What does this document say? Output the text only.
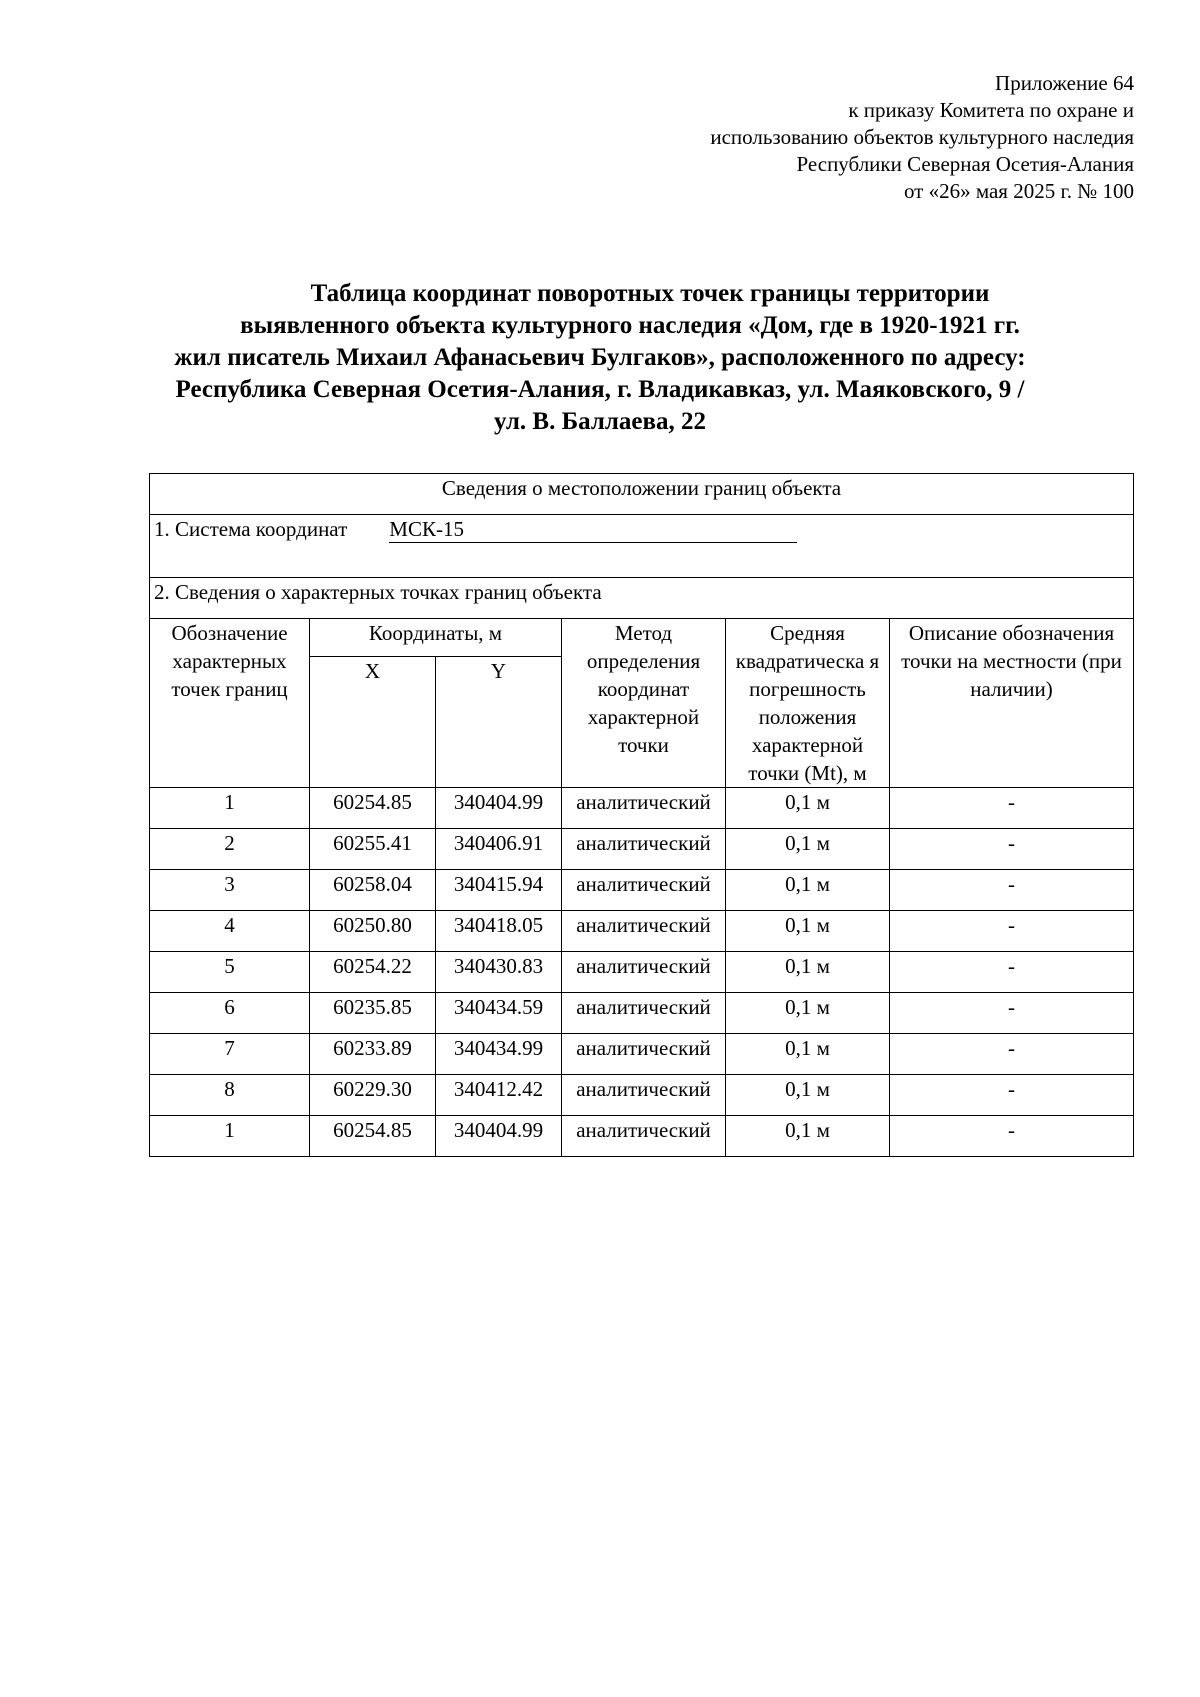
Приложение 64
к приказу Комитета по охране и
использованию объектов культурного наследия
Республики Северная Осетия-Алания
от «26» мая 2025 г. № 100
Таблица координат поворотных точек границы территории
выявленного объекта культурного наследия «Дом, где в 1920-1921 гг.
жил писатель Михаил Афанасьевич Булгаков», расположенного по адресу:
Республика Северная Осетия-Алания, г. Владикавказ, ул. Маяковского, 9 /
ул. В. Баллаева, 22
Сведения о местоположении границ объекта					
1. Система координат МСК-15					
2. Сведения о характерных точках границ объекта					
Обозначение характерных точек границ	Координаты, м		Метод определения координат характерной точки	Средняя квадратическа я погрешность положения характерной точки (Mt), м	Описание обозначения точки на местности (при наличии)
	X	Y			
1	60254.85	340404.99	аналитический	0,1 м	-
2	60255.41	340406.91	аналитический	0,1 м	-
3	60258.04	340415.94	аналитический	0,1 м	-
4	60250.80	340418.05	аналитический	0,1 м	-
5	60254.22	340430.83	аналитический	0,1 м	-
6	60235.85	340434.59	аналитический	0,1 м	-
7	60233.89	340434.99	аналитический	0,1 м	-
8	60229.30	340412.42	аналитический	0,1 м	-
1	60254.85	340404.99	аналитический	0,1 м	-
